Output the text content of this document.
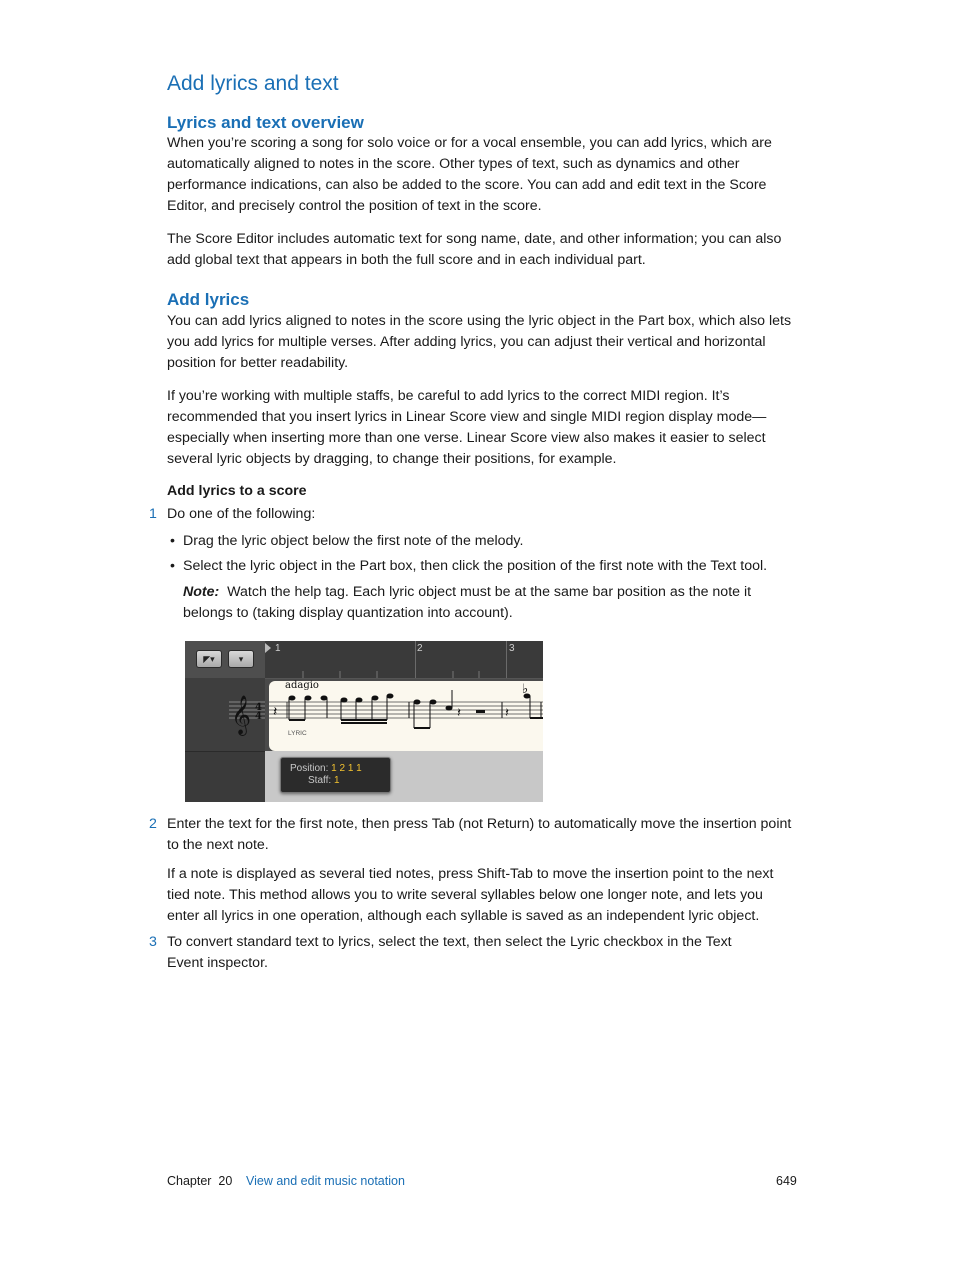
Add lyrics and text
Lyrics and text overview

When you’re scoring a song for solo voice or for a vocal ensemble, you can add lyrics, which are automatically aligned to notes in the score. Other types of text, such as dynamics and other performance indications, can also be added to the score. You can add and edit text in the Score Editor, and precisely control the position of text in the score.

The Score Editor includes automatic text for song name, date, and other information; you can also add global text that appears in both the full score and in each individual part.

Add lyrics

You can add lyrics aligned to notes in the score using the lyric object in the Part box, which also lets you add lyrics for multiple verses. After adding lyrics, you can adjust their vertical and horizontal position for better readability.

If you’re working with multiple staffs, be careful to add lyrics to the correct MIDI region. It’s recommended that you insert lyrics in Linear Score view and single MIDI region display mode—especially when inserting more than one verse. Linear Score view also makes it easier to select several lyric objects by dragging, to change their positions, for example.

Add lyrics to a score
1 Do one of the following:

• Drag the lyric object below the first note of the melody.

• Select the lyric object in the Part box, then click the position of the first note with the Text tool.

Note: Watch the help tag. Each lyric object must be at the same bar position as the note it belongs to (taking display quantization into account).

◤▾	▾
𝄞 4
4
1	2	3
adagio
LYRIC
𝄽	𝄽	𝄽
♭
Position: 1 2 1 1
Staff: 1
2 Enter the text for the first note, then press Tab (not Return) to automatically move the insertion point to the next note.

If a note is displayed as several tied notes, press Shift-Tab to move the insertion point to the next tied note. This method allows you to write several syllables below one longer note, and lets you enter all lyrics in one operation, although each syllable is saved as an independent lyric object.

3 To convert standard text to lyrics, select the text, then select the Lyric checkbox in the Text Event inspector.

Chapter  20 View and edit music notation	649
